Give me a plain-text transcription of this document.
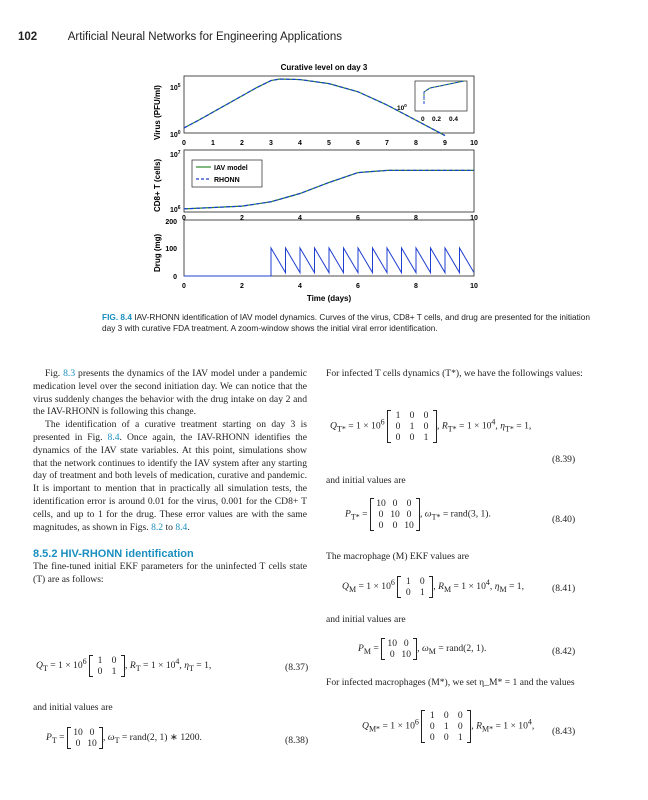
102	Artificial Neural Networks for Engineering Applications
Curative level on day 3
Virus (PFU/ml) $10^5$
$10^0$
0	1	2	3	4	5	6	7	8	9	10
$10^0$
0 0.2 0.4
CD8+ T (cells)
$10^7$
$10^6$
0	2	4	6	8	10
IAV model
RHONN
Drug (mg)
200
100
0
0	2	4	6	8	10
Time (days)
FIG. 8.4 IAV-RHONN identification of IAV model dynamics. Curves of the virus, CD8+ T cells, and drug are presented for the initiation day 3 with curative FDA treatment. A zoom-window shows the initial viral error identification.

Fig. 8.3 presents the dynamics of the IAV model under a pandemic medication level over the second initiation day. We can notice that the virus suddenly changes the behavior with the drug intake on day 2 and the IAV-RHONN is following this change.

The identification of a curative treatment starting on day 3 is presented in Fig. 8.4. Once again, the IAV-RHONN identifies the dynamics of the IAV state variables. At this point, simulations show that the network continues to identify the IAV system after any starting day of treatment and both levels of medication, curative and pandemic. It is important to mention that in practically all simulation tests, the identification error is around 0.01 for the virus, 0.001 for the CD8+ T cells, and up to 1 for the drug. These error values are with the same magnitudes, as shown in Figs. 8.2 to 8.4.

8.5.2 HIV-RHONN identification

The fine-tuned initial EKF parameters for the uninfected T cells state (T) are as follows:

$Q_T = 1 \times 10^6$ 1 0
0 1, $R_T = 1 \times 10^4$, $\eta_T = 1$,	(8.37)
and initial values are
$P_T = 10$ 0
0 10, $\omega_T$ = rand(2, 1) ∗ 1200.	(8.38)

For infected T cells dynamics (T*), we have the followings values:

$Q_{T*} = 1 \times 10^6$ 1 0 0
0 1 0
0 0 1, $R_{T*} = 1 \times 10^4$, $\eta_{T*} = 1$,
(8.39)
and initial values are
$P_{T*} = 10$ 0 0
0 10 0
0 0 10, $\omega_{T*}$ = rand(3, 1).	(8.40)
The macrophage (M) EKF values are
$Q_M = 1 \times 10^6$ 1 0
0 1, $R_M = 1 \times 10^4$, $\eta_M = 1$,	(8.41)
and initial values are
$P_M = 10$ 0
0 10, $\omega_M$ = rand(2, 1).	(8.42)
For infected macrophages (M*), we set η_M* = 1 and the values
$Q_{M*} = 1 \times 10^6$ 1 0 0
0 1 0
0 0 1, $R_{M*} = 1 \times 10^4$, (8.43)
